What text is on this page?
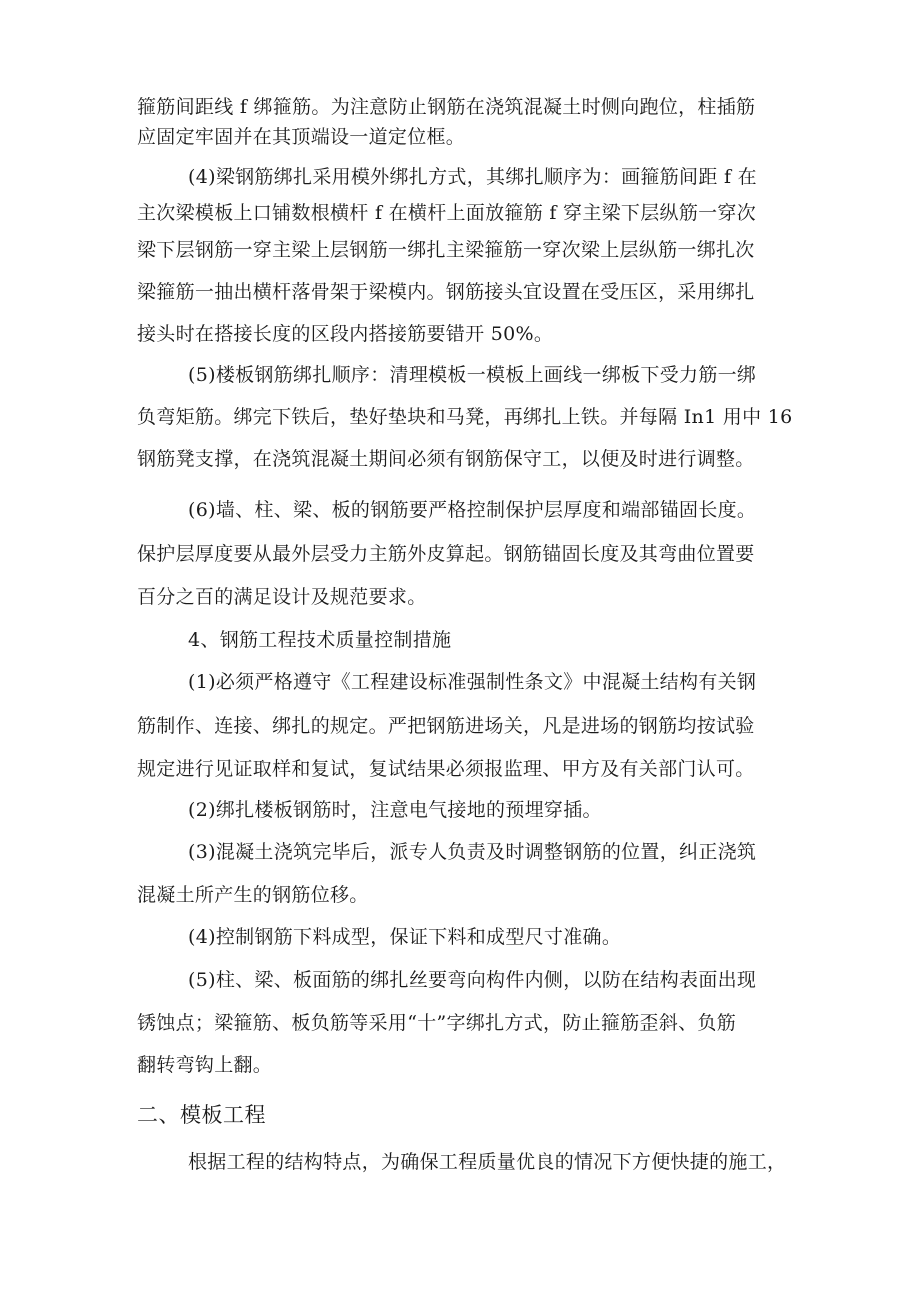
箍筋间距线 f 绑箍筋。为注意防止钢筋在浇筑混凝土时侧向跑位，柱插筋
应固定牢固并在其顶端设一道定位框。
(4)梁钢筋绑扎采用模外绑扎方式，其绑扎顺序为：画箍筋间距 f 在
主次梁模板上口铺数根横杆 f 在横杆上面放箍筋 f 穿主梁下层纵筋一穿次
梁下层钢筋一穿主梁上层钢筋一绑扎主梁箍筋一穿次梁上层纵筋一绑扎次
梁箍筋一抽出横杆落骨架于梁模内。钢筋接头宜设置在受压区，采用绑扎
接头时在搭接长度的区段内搭接筋要错开 50%。
(5)楼板钢筋绑扎顺序：清理模板一模板上画线一绑板下受力筋一绑
负弯矩筋。绑完下铁后，垫好垫块和马凳，再绑扎上铁。并每隔 In1 用中 16
钢筋凳支撑，在浇筑混凝土期间必须有钢筋保守工，以便及时进行调整。
(6)墙、柱、梁、板的钢筋要严格控制保护层厚度和端部锚固长度。
保护层厚度要从最外层受力主筋外皮算起。钢筋锚固长度及其弯曲位置要
百分之百的满足设计及规范要求。
4、钢筋工程技术质量控制措施
(1)必须严格遵守《工程建设标准强制性条文》中混凝土结构有关钢
筋制作、连接、绑扎的规定。严把钢筋进场关，凡是进场的钢筋均按试验
规定进行见证取样和复试，复试结果必须报监理、甲方及有关部门认可。
(2)绑扎楼板钢筋时，注意电气接地的预埋穿插。
(3)混凝土浇筑完毕后，派专人负责及时调整钢筋的位置，纠正浇筑
混凝土所产生的钢筋位移。
(4)控制钢筋下料成型，保证下料和成型尺寸准确。
(5)柱、梁、板面筋的绑扎丝要弯向构件内侧，以防在结构表面出现
锈蚀点；梁箍筋、板负筋等采用“十”字绑扎方式，防止箍筋歪斜、负筋
翻转弯钩上翻。
二、模板工程
根据工程的结构特点，为确保工程质量优良的情况下方便快捷的施工，
